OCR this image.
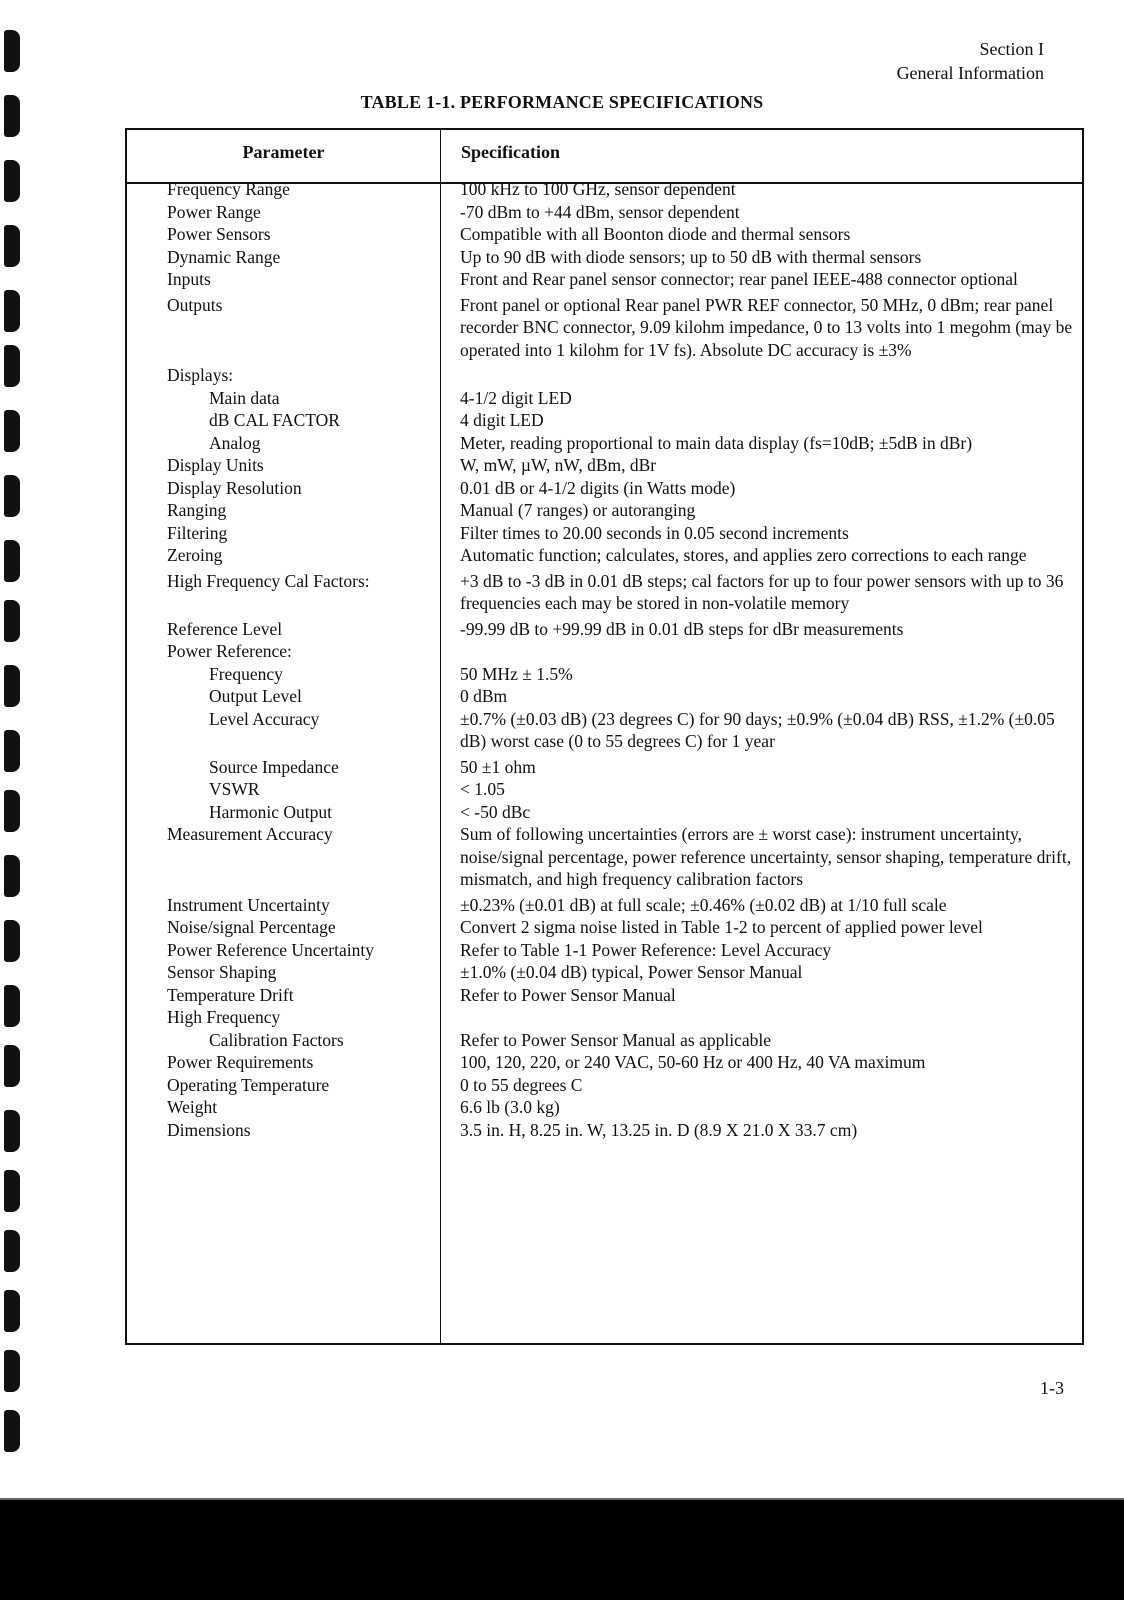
Section I
General Information
TABLE 1-1. PERFORMANCE SPECIFICATIONS
Parameter	Specification
Frequency Range	100 kHz to 100 GHz, sensor dependent
Power Range	-70 dBm to +44 dBm, sensor dependent
Power Sensors	Compatible with all Boonton diode and thermal sensors
Dynamic Range	Up to 90 dB with diode sensors; up to 50 dB with thermal sensors
Inputs	Front and Rear panel sensor connector; rear panel IEEE-488 connector optional
Outputs	Front panel or optional Rear panel PWR REF connector, 50 MHz, 0 dBm; rear panel recorder BNC connector, 9.09 kilohm impedance, 0 to 13 volts into 1 megohm (may be operated into 1 kilohm for 1V fs). Absolute DC accuracy is ±3%
Displays:
Main data	4-1/2 digit LED
dB CAL FACTOR	4 digit LED
Analog	Meter, reading proportional to main data display (fs=10dB; ±5dB in dBr)
Display Units	W, mW, µW, nW, dBm, dBr
Display Resolution	0.01 dB or 4-1/2 digits (in Watts mode)
Ranging	Manual (7 ranges) or autoranging
Filtering	Filter times to 20.00 seconds in 0.05 second increments
Zeroing	Automatic function; calculates, stores, and applies zero corrections to each range
High Frequency Cal Factors:	+3 dB to -3 dB in 0.01 dB steps; cal factors for up to four power sensors with up to 36 frequencies each may be stored in non-volatile memory
Reference Level	-99.99 dB to +99.99 dB in 0.01 dB steps for dBr measurements
Power Reference:
Frequency	50 MHz ± 1.5%
Output Level	0 dBm
Level Accuracy	±0.7% (±0.03 dB) (23 degrees C) for 90 days; ±0.9% (±0.04 dB) RSS, ±1.2% (±0.05 dB) worst case (0 to 55 degrees C) for 1 year
Source Impedance	50 ±1 ohm
VSWR	< 1.05
Harmonic Output	< -50 dBc
Measurement Accuracy	Sum of following uncertainties (errors are ± worst case): instrument uncertainty, noise/signal percentage, power reference uncertainty, sensor shaping, temperature drift, mismatch, and high frequency calibration factors
Instrument Uncertainty	±0.23% (±0.01 dB) at full scale; ±0.46% (±0.02 dB) at 1/10 full scale
Noise/signal Percentage	Convert 2 sigma noise listed in Table 1-2 to percent of applied power level
Power Reference Uncertainty	Refer to Table 1-1 Power Reference: Level Accuracy
Sensor Shaping	±1.0% (±0.04 dB) typical, Power Sensor Manual
Temperature Drift	Refer to Power Sensor Manual
High Frequency
Calibration Factors	Refer to Power Sensor Manual as applicable
Power Requirements	100, 120, 220, or 240 VAC, 50-60 Hz or 400 Hz, 40 VA maximum
Operating Temperature	0 to 55 degrees C
Weight	6.6 lb (3.0 kg)
Dimensions	3.5 in. H, 8.25 in. W, 13.25 in. D (8.9 X 21.0 X 33.7 cm)
1-3
